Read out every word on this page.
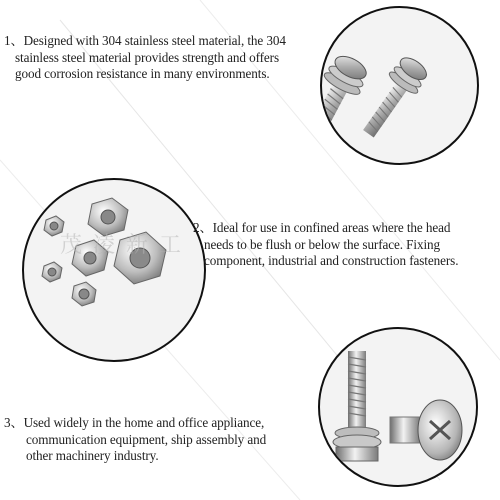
1、Designed with 304 stainless steel material, the 304
stainless steel material provides strength and offers
good corrosion resistance in many environments.
茂 凌 新 工
2、Ideal for use in confined areas where the head
needs to be flush or below the surface. Fixing
component, industrial and construction fasteners.
3、Used widely in the home and office appliance,
communication equipment, ship assembly and
other machinery industry.
